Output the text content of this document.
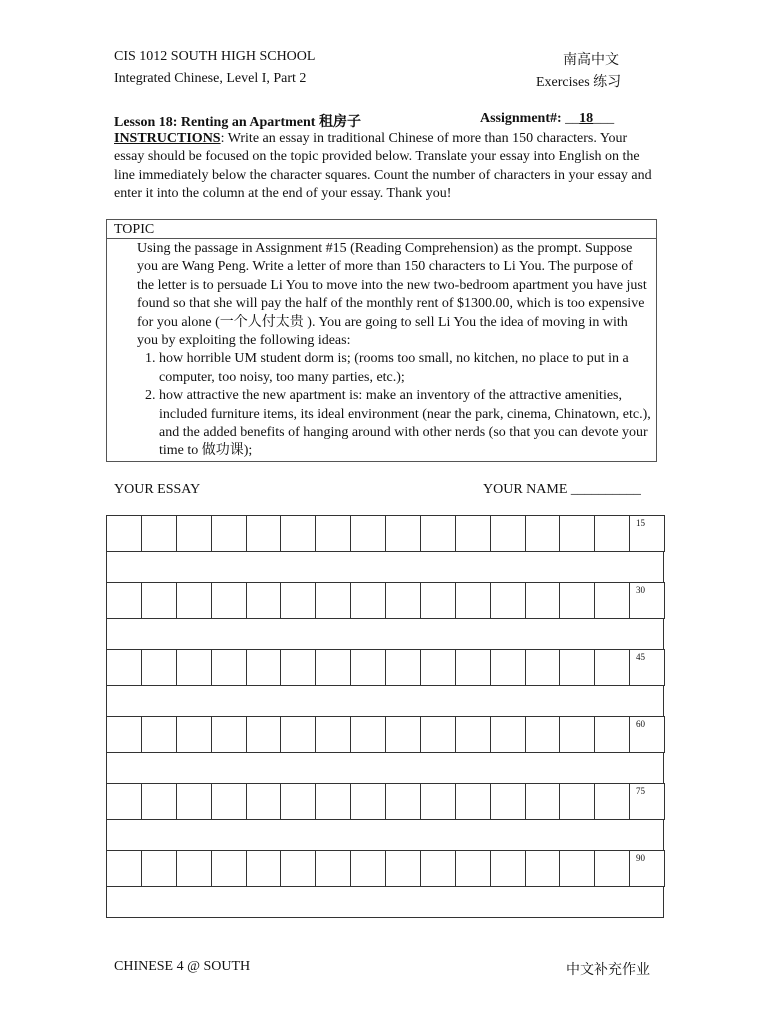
CIS 1012 SOUTH HIGH SCHOOL
Integrated Chinese, Level I, Part 2
南高中文
Exercises 练习
Lesson 18: Renting an Apartment 租房子	Assignment#: __18___
INSTRUCTIONS: Write an essay in traditional Chinese of more than 150 characters. Your essay should be focused on the topic provided below. Translate your essay into English on the line immediately below the character squares. Count the number of characters in your essay and enter it into the column at the end of your essay. Thank you!
TOPIC

Using the passage in Assignment #15 (Reading Comprehension) as the prompt. Suppose you are Wang Peng. Write a letter of more than 150 characters to Li You. The purpose of the letter is to persuade Li You to move into the new two-bedroom apartment you have just found so that she will pay the half of the monthly rent of $1300.00, which is too expensive for you alone (一个人付太贵 ). You are going to sell Li You the idea of moving in with you by exploiting the following ideas:

1. how horrible UM student dorm is; (rooms too small, no kitchen, no place to put in a computer, too noisy, too many parties, etc.);
2. how attractive the new apartment is: make an inventory of the attractive amenities, included furniture items, its ideal environment (near the park, cinema, Chinatown, etc.), and the added benefits of hanging around with other nerds (so that you can devote your time to 做功课);
YOUR ESSAY	YOUR NAME __________
15
30
45
60
75
90
CHINESE 4 @ SOUTH	中文补充作业
